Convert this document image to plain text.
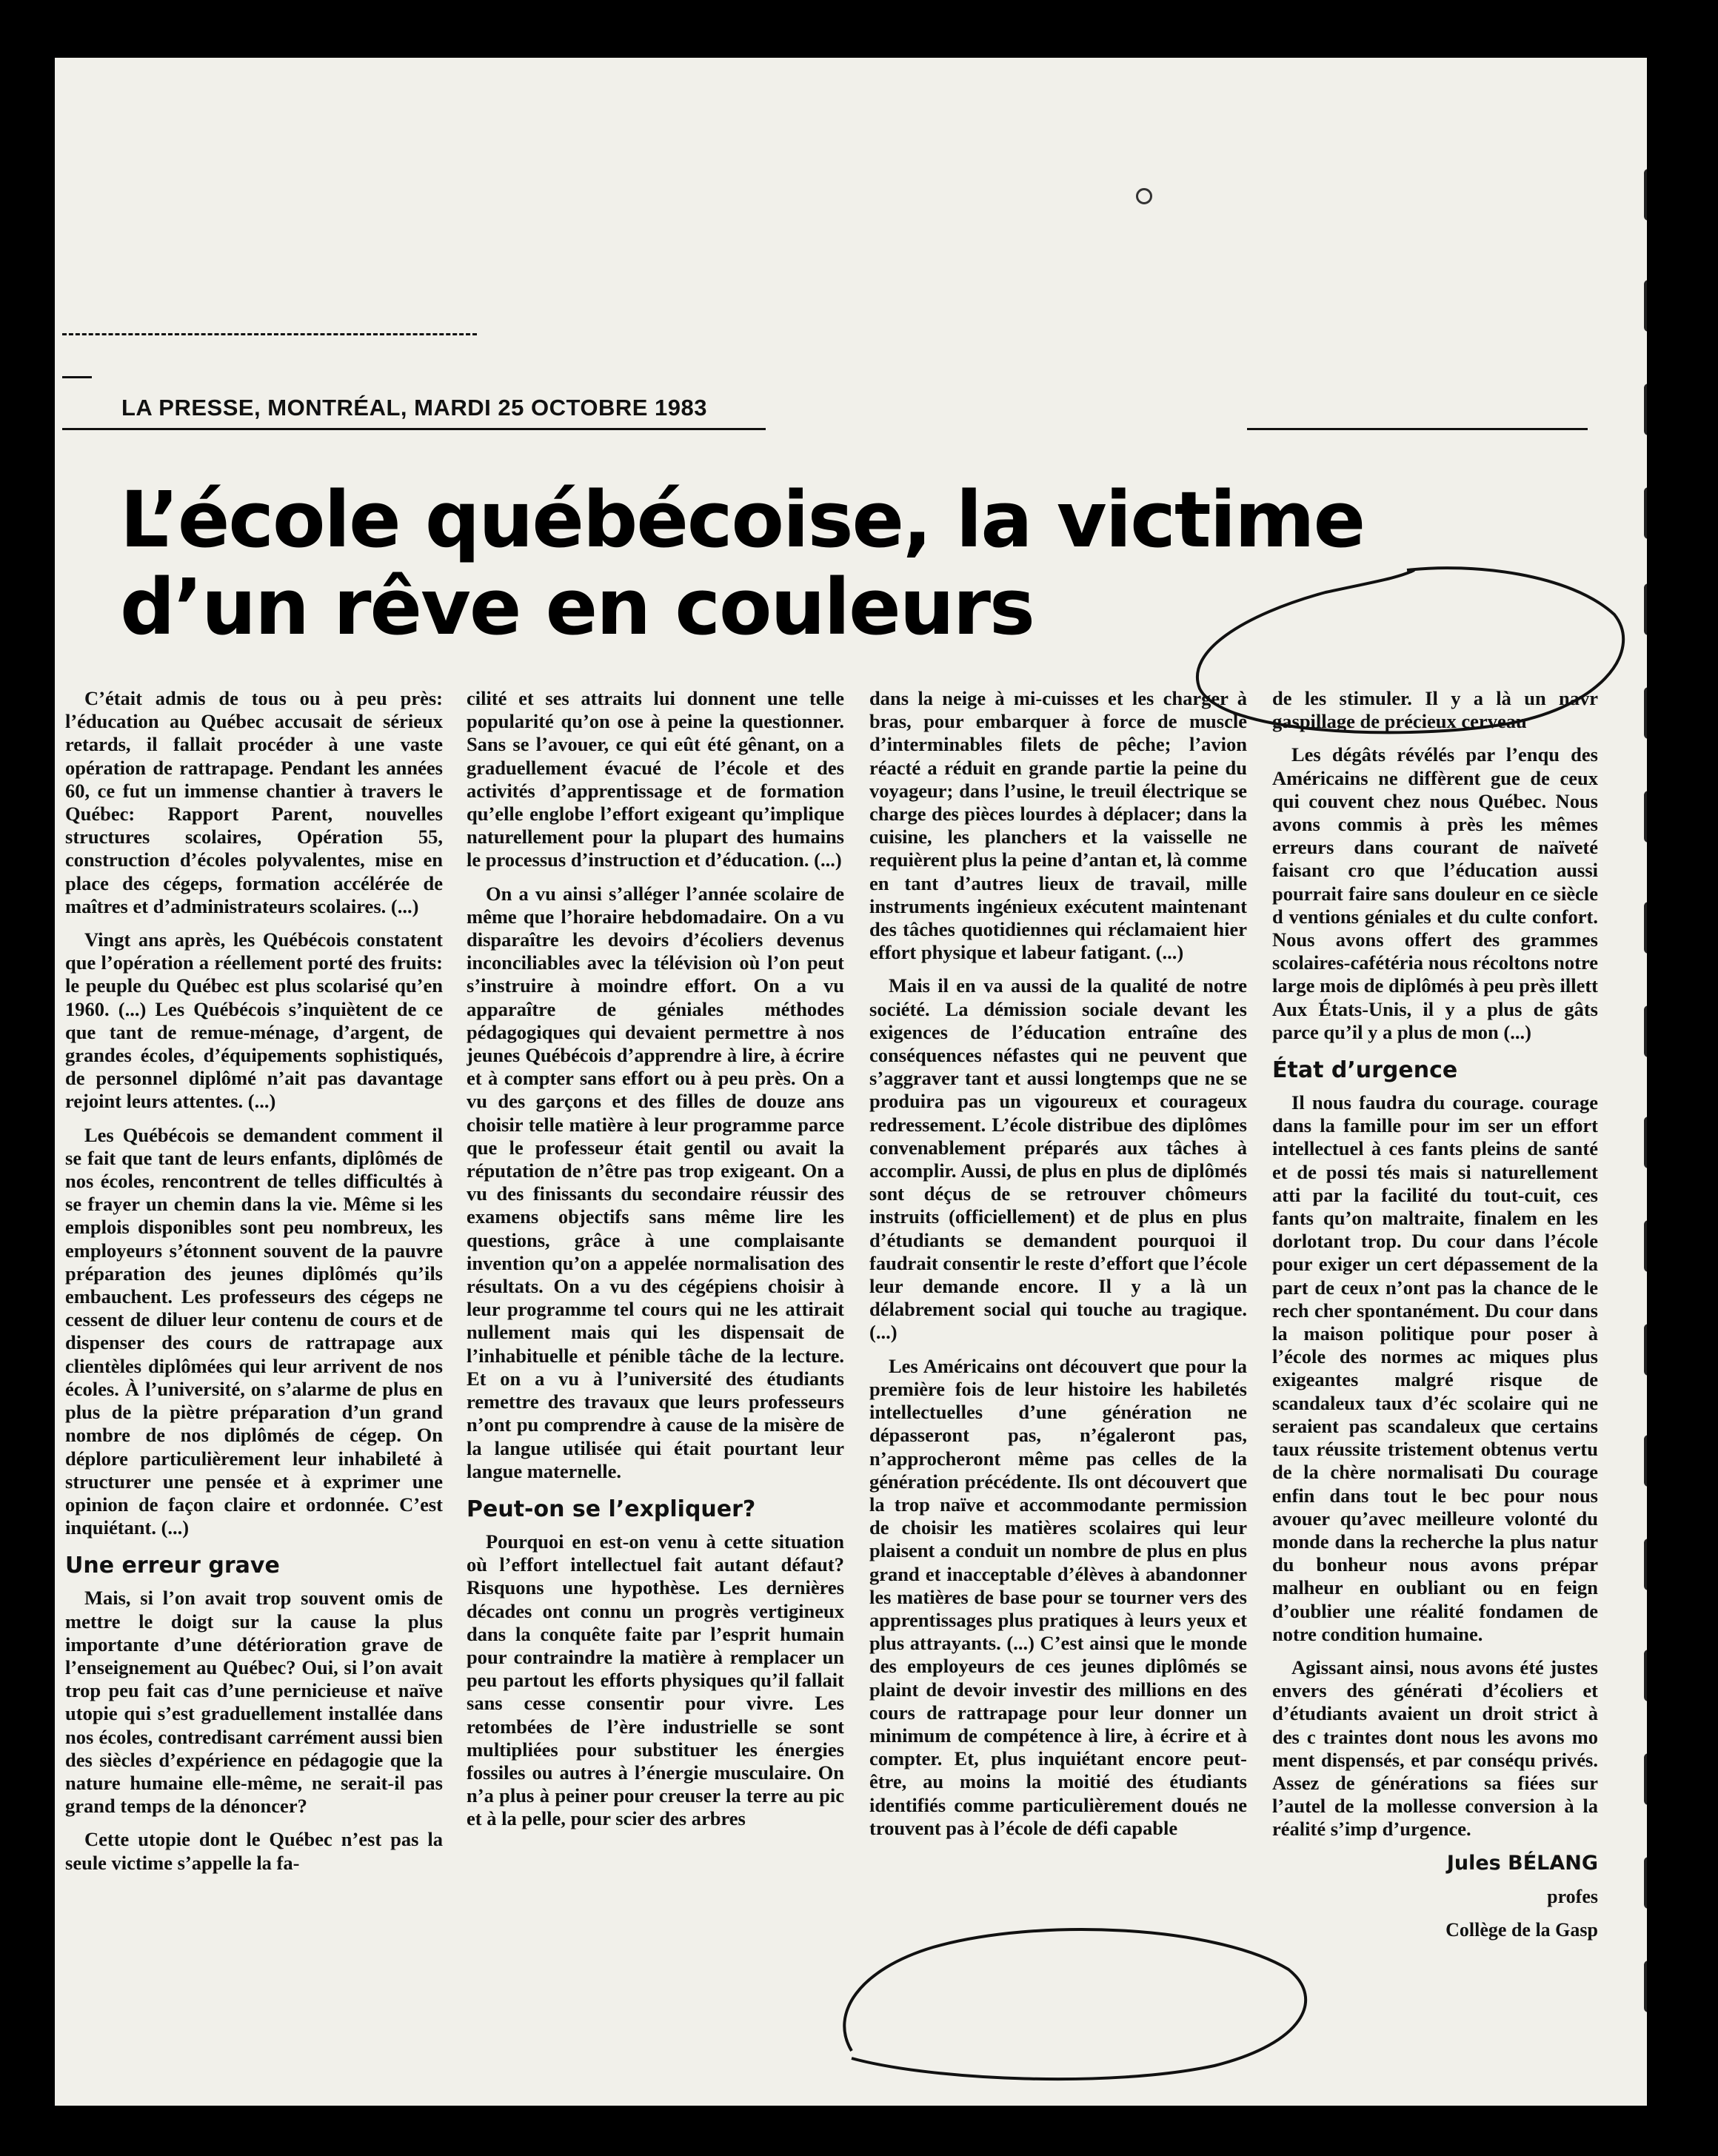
LA PRESSE, MONTRÉAL, MARDI 25 OCTOBRE 1983
L’école québécoise, la victime d’un rêve en couleurs

C’était admis de tous ou à peu près: l’éducation au Québec accusait de sérieux retards, il fallait procéder à une vaste opération de rattrapage. Pendant les années 60, ce fut un immense chantier à travers le Québec: Rapport Parent, nouvelles structures scolaires, Opération 55, construction d’écoles polyvalentes, mise en place des cégeps, formation accélérée de maîtres et d’administrateurs scolaires. (...)

Vingt ans après, les Québécois constatent que l’opération a réellement porté des fruits: le peuple du Québec est plus scolarisé qu’en 1960. (...) Les Québécois s’inquiètent de ce que tant de remue-ménage, d’argent, de grandes écoles, d’équipements sophistiqués, de personnel diplômé n’ait pas davantage rejoint leurs attentes. (...)

Les Québécois se demandent comment il se fait que tant de leurs enfants, diplômés de nos écoles, rencontrent de telles difficultés à se frayer un chemin dans la vie. Même si les emplois disponibles sont peu nombreux, les employeurs s’étonnent souvent de la pauvre préparation des jeunes diplômés qu’ils embauchent. Les professeurs des cégeps ne cessent de diluer leur contenu de cours et de dispenser des cours de rattrapage aux clientèles diplômées qui leur arrivent de nos écoles. À l’université, on s’alarme de plus en plus de la piètre préparation d’un grand nombre de nos diplômés de cégep. On déplore particulièrement leur inhabileté à structurer une pensée et à exprimer une opinion de façon claire et ordonnée. C’est inquiétant. (...)

Une erreur grave

Mais, si l’on avait trop souvent omis de mettre le doigt sur la cause la plus importante d’une détérioration grave de l’enseignement au Québec? Oui, si l’on avait trop peu fait cas d’une pernicieuse et naïve utopie qui s’est graduellement installée dans nos écoles, contredisant carrément aussi bien des siècles d’expérience en pédagogie que la nature humaine elle-même, ne serait-il pas grand temps de la dénoncer?

Cette utopie dont le Québec n’est pas la seule victime s’appelle la fa-

cilité et ses attraits lui donnent une telle popularité qu’on ose à peine la questionner. Sans se l’avouer, ce qui eût été gênant, on a graduellement évacué de l’école et des activités d’apprentissage et de formation qu’elle englobe l’effort exigeant qu’implique naturellement pour la plupart des humains le processus d’instruction et d’éducation. (...)

On a vu ainsi s’alléger l’année scolaire de même que l’horaire hebdomadaire. On a vu disparaître les devoirs d’écoliers devenus inconciliables avec la télévision où l’on peut s’instruire à moindre effort. On a vu apparaître de géniales méthodes pédagogiques qui devaient permettre à nos jeunes Québécois d’apprendre à lire, à écrire et à compter sans effort ou à peu près. On a vu des garçons et des filles de douze ans choisir telle matière à leur programme parce que le professeur était gentil ou avait la réputation de n’être pas trop exigeant. On a vu des finissants du secondaire réussir des examens objectifs sans même lire les questions, grâce à une complaisante invention qu’on a appelée normalisation des résultats. On a vu des cégépiens choisir à leur programme tel cours qui ne les attirait nullement mais qui les dispensait de l’inhabituelle et pénible tâche de la lecture. Et on a vu à l’université des étudiants remettre des travaux que leurs professeurs n’ont pu comprendre à cause de la misère de la langue utilisée qui était pourtant leur langue maternelle.

Peut-on se l’expliquer?

Pourquoi en est-on venu à cette situation où l’effort intellectuel fait autant défaut? Risquons une hypothèse. Les dernières décades ont connu un progrès vertigineux dans la conquête faite par l’esprit humain pour contraindre la matière à remplacer un peu partout les efforts physiques qu’il fallait sans cesse consentir pour vivre. Les retombées de l’ère industrielle se sont multipliées pour substituer les énergies fossiles ou autres à l’énergie musculaire. On n’a plus à peiner pour creuser la terre au pic et à la pelle, pour scier des arbres

dans la neige à mi-cuisses et les charger à bras, pour embarquer à force de muscle d’interminables filets de pêche; l’avion réacté a réduit en grande partie la peine du voyageur; dans l’usine, le treuil électrique se charge des pièces lourdes à déplacer; dans la cuisine, les planchers et la vaisselle ne requièrent plus la peine d’antan et, là comme en tant d’autres lieux de travail, mille instruments ingénieux exécutent maintenant des tâches quotidiennes qui réclamaient hier effort physique et labeur fatigant. (...)

Mais il en va aussi de la qualité de notre société. La démission sociale devant les exigences de l’éducation entraîne des conséquences néfastes qui ne peuvent que s’aggraver tant et aussi longtemps que ne se produira pas un vigoureux et courageux redressement. L’école distribue des diplômes convenablement préparés aux tâches à accomplir. Aussi, de plus en plus de diplômés sont déçus de se retrouver chômeurs instruits (officiellement) et de plus en plus d’étudiants se demandent pourquoi il faudrait consentir le reste d’effort que l’école leur demande encore. Il y a là un délabrement social qui touche au tragique. (...)

Les Américains ont découvert que pour la première fois de leur histoire les habiletés intellectuelles d’une génération ne dépasseront pas, n’égaleront pas, n’approcheront même pas celles de la génération précédente. Ils ont découvert que la trop naïve et accommodante permission de choisir les matières scolaires qui leur plaisent a conduit un nombre de plus en plus grand et inacceptable d’élèves à abandonner les matières de base pour se tourner vers des apprentissages plus pratiques à leurs yeux et plus attrayants. (...) C’est ainsi que le monde des employeurs de ces jeunes diplômés se plaint de devoir investir des millions en des cours de rattrapage pour leur donner un minimum de compétence à lire, à écrire et à compter. Et, plus inquiétant encore peut-être, au moins la moitié des étudiants identifiés comme particulièrement doués ne trouvent pas à l’école de défi capable

de les stimuler. Il y a là un navr gaspillage de précieux cerveau

Les dégâts révélés par l’enqu des Américains ne diffèrent gue de ceux qui couvent chez nous Québec. Nous avons commis à près les mêmes erreurs dans courant de naïveté faisant cro que l’éducation aussi pourrait faire sans douleur en ce siècle d ventions géniales et du culte confort. Nous avons offert des grammes scolaires-cafétéria nous récoltons notre large mois de diplômés à peu près illett Aux États-Unis, il y a plus de gâts parce qu’il y a plus de mon (...)

État d’urgence

Il nous faudra du courage. courage dans la famille pour im ser un effort intellectuel à ces fants pleins de santé et de possi tés mais si naturellement atti par la facilité du tout-cuit, ces fants qu’on maltraite, finalem en les dorlotant trop. Du cour dans l’école pour exiger un cert dépassement de la part de ceux n’ont pas la chance de le rech cher spontanément. Du cour dans la maison politique pour poser à l’école des normes ac miques plus exigeantes malgré risque de scandaleux taux d’éc scolaire qui ne seraient pas scandaleux que certains taux réussite tristement obtenus vertu de la chère normalisati Du courage enfin dans tout le bec pour nous avouer qu’avec meilleure volonté du monde dans la recherche la plus natur du bonheur nous avons prépar malheur en oubliant ou en feign d’oublier une réalité fondamen de notre condition humaine.

Agissant ainsi, nous avons été justes envers des générati d’écoliers et d’étudiants avaient un droit strict à des c traintes dont nous les avons mo ment dispensés, et par conséqu privés. Assez de générations sa fiées sur l’autel de la mollesse conversion à la réalité s’imp d’urgence.

Jules BÉLANG

profes

Collège de la Gasp
